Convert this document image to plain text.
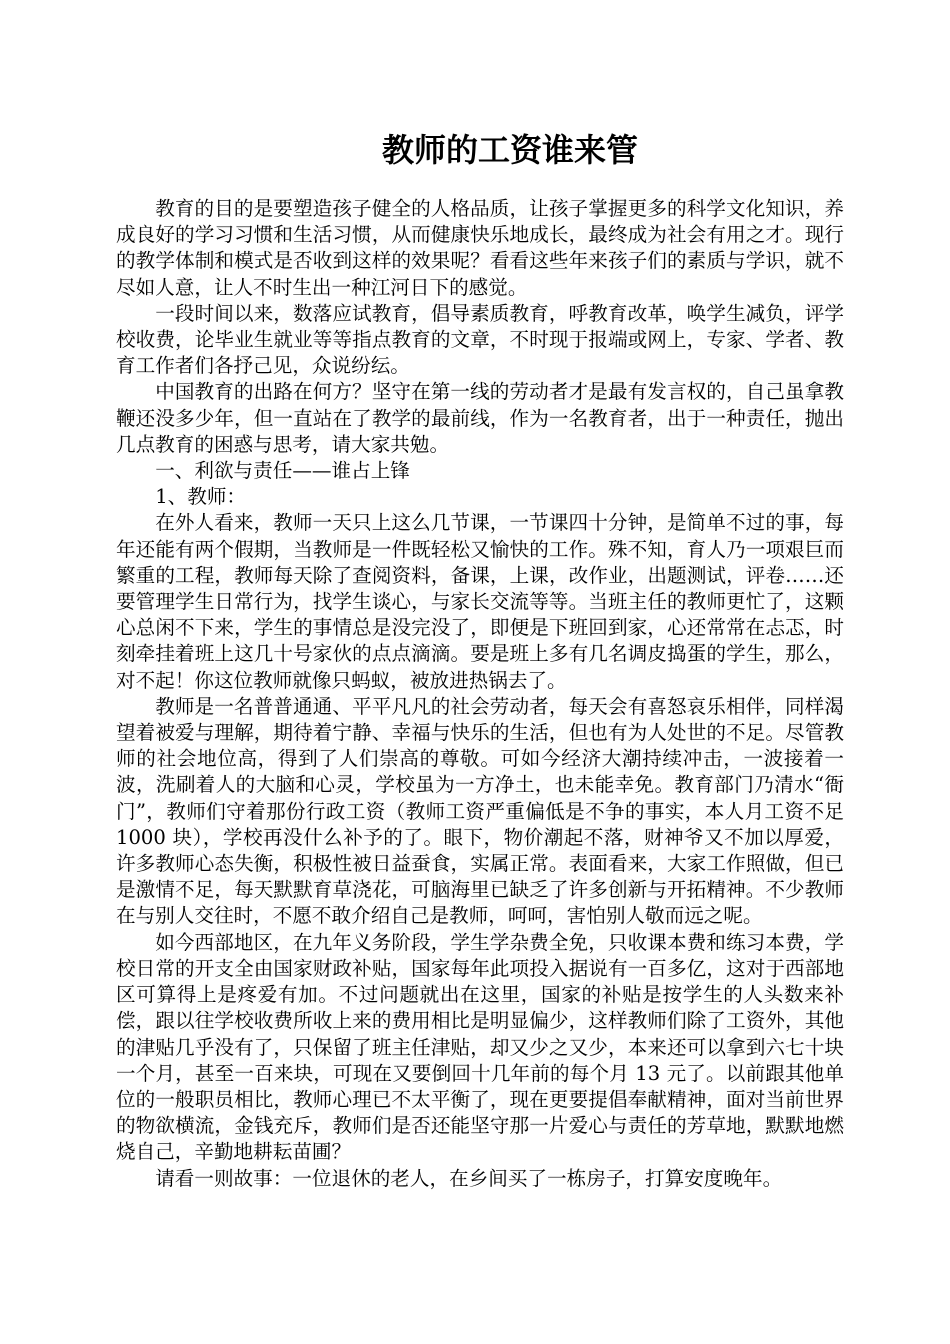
教师的工资谁来管

教育的目的是要塑造孩子健全的人格品质，让孩子掌握更多的科学文化知识，养成良好的学习习惯和生活习惯，从而健康快乐地成长，最终成为社会有用之才。现行的教学体制和模式是否收到这样的效果呢？看看这些年来孩子们的素质与学识，就不尽如人意，让人不时生出一种江河日下的感觉。

一段时间以来，数落应试教育，倡导素质教育，呼教育改革，唤学生减负，评学校收费，论毕业生就业等等指点教育的文章，不时现于报端或网上，专家、学者、教育工作者们各抒己见，众说纷纭。

中国教育的出路在何方？坚守在第一线的劳动者才是最有发言权的，自己虽拿教鞭还没多少年，但一直站在了教学的最前线，作为一名教育者，出于一种责任，抛出几点教育的困惑与思考，请大家共勉。

一、利欲与责任——谁占上锋

1、教师：

在外人看来，教师一天只上这么几节课，一节课四十分钟，是简单不过的事，每年还能有两个假期，当教师是一件既轻松又愉快的工作。殊不知，育人乃一项艰巨而繁重的工程，教师每天除了查阅资料，备课，上课，改作业，出题测试，评卷……还要管理学生日常行为，找学生谈心，与家长交流等等。当班主任的教师更忙了，这颗心总闲不下来，学生的事情总是没完没了，即便是下班回到家，心还常常在忐忑，时刻牵挂着班上这几十号家伙的点点滴滴。要是班上多有几名调皮捣蛋的学生，那么，对不起！你这位教师就像只蚂蚁，被放进热锅去了。

教师是一名普普通通、平平凡凡的社会劳动者，每天会有喜怒哀乐相伴，同样渴望着被爱与理解，期待着宁静、幸福与快乐的生活，但也有为人处世的不足。尽管教师的社会地位高，得到了人们崇高的尊敬。可如今经济大潮持续冲击，一波接着一波，洗刷着人的大脑和心灵，学校虽为一方净土，也未能幸免。教育部门乃清水“衙门”，教师们守着那份行政工资（教师工资严重偏低是不争的事实，本人月工资不足 1000 块），学校再没什么补予的了。眼下，物价潮起不落，财神爷又不加以厚爱，许多教师心态失衡，积极性被日益蚕食，实属正常。表面看来，大家工作照做，但已是激情不足，每天默默育草浇花，可脑海里已缺乏了许多创新与开拓精神。不少教师在与别人交往时，不愿不敢介绍自己是教师，呵呵，害怕别人敬而远之呢。

如今西部地区，在九年义务阶段，学生学杂费全免，只收课本费和练习本费，学校日常的开支全由国家财政补贴，国家每年此项投入据说有一百多亿，这对于西部地区可算得上是疼爱有加。不过问题就出在这里，国家的补贴是按学生的人头数来补偿，跟以往学校收费所收上来的费用相比是明显偏少，这样教师们除了工资外，其他的津贴几乎没有了，只保留了班主任津贴，却又少之又少，本来还可以拿到六七十块一个月，甚至一百来块，可现在又要倒回十几年前的每个月 13 元了。以前跟其他单位的一般职员相比，教师心理已不太平衡了，现在更要提倡奉献精神，面对当前世界的物欲横流，金钱充斥，教师们是否还能坚守那一片爱心与责任的芳草地，默默地燃烧自己，辛勤地耕耘苗圃？

请看一则故事：一位退休的老人，在乡间买了一栋房子，打算安度晚年。
